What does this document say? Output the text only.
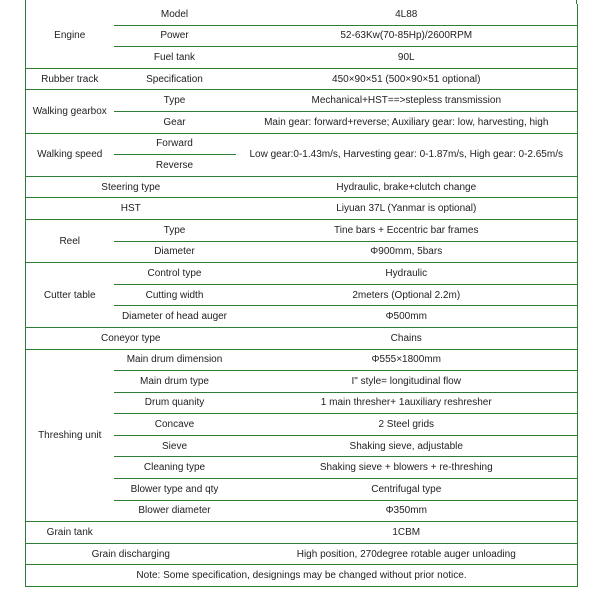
Engine	Model	4L88
	Power	52-63Kw(70-85Hp)/2600RPM
	Fuel tank	90L
Rubber track	Specification	450×90×51 (500×90×51 optional)
Walking gearbox	Type	Mechanical+HST==>stepless transmission
	Gear	Main gear: forward+reverse; Auxiliary gear: low, harvesting, high
Walking speed	Forward	Low gear:0-1.43m/s, Harvesting gear: 0-1.87m/s, High gear: 0-2.65m/s
	Reverse	
Steering type		Hydraulic, brake+clutch change
HST		Liyuan 37L (Yanmar is optional)
Reel	Type	Tine bars + Eccentric bar frames
	Diameter	Φ900mm, 5bars
Cutter table	Control type	Hydraulic
	Cutting width	2meters (Optional 2.2m)
	Diameter of head auger	Φ500mm
Coneyor type		Chains
Threshing unit	Main drum dimension	Φ555×1800mm
	Main drum type	I" style= longitudinal flow
	Drum quanity	1 main thresher+ 1auxiliary reshresher
	Concave	2 Steel grids
	Sieve	Shaking sieve, adjustable
	Cleaning type	Shaking sieve + blowers + re-threshing
	Blower type and qty	Centrifugal type
	Blower diameter	Φ350mm
Grain tank		1CBM
Grain discharging		High position, 270degree rotable auger unloading
Note: Some specification, designings may be changed without prior notice.		
